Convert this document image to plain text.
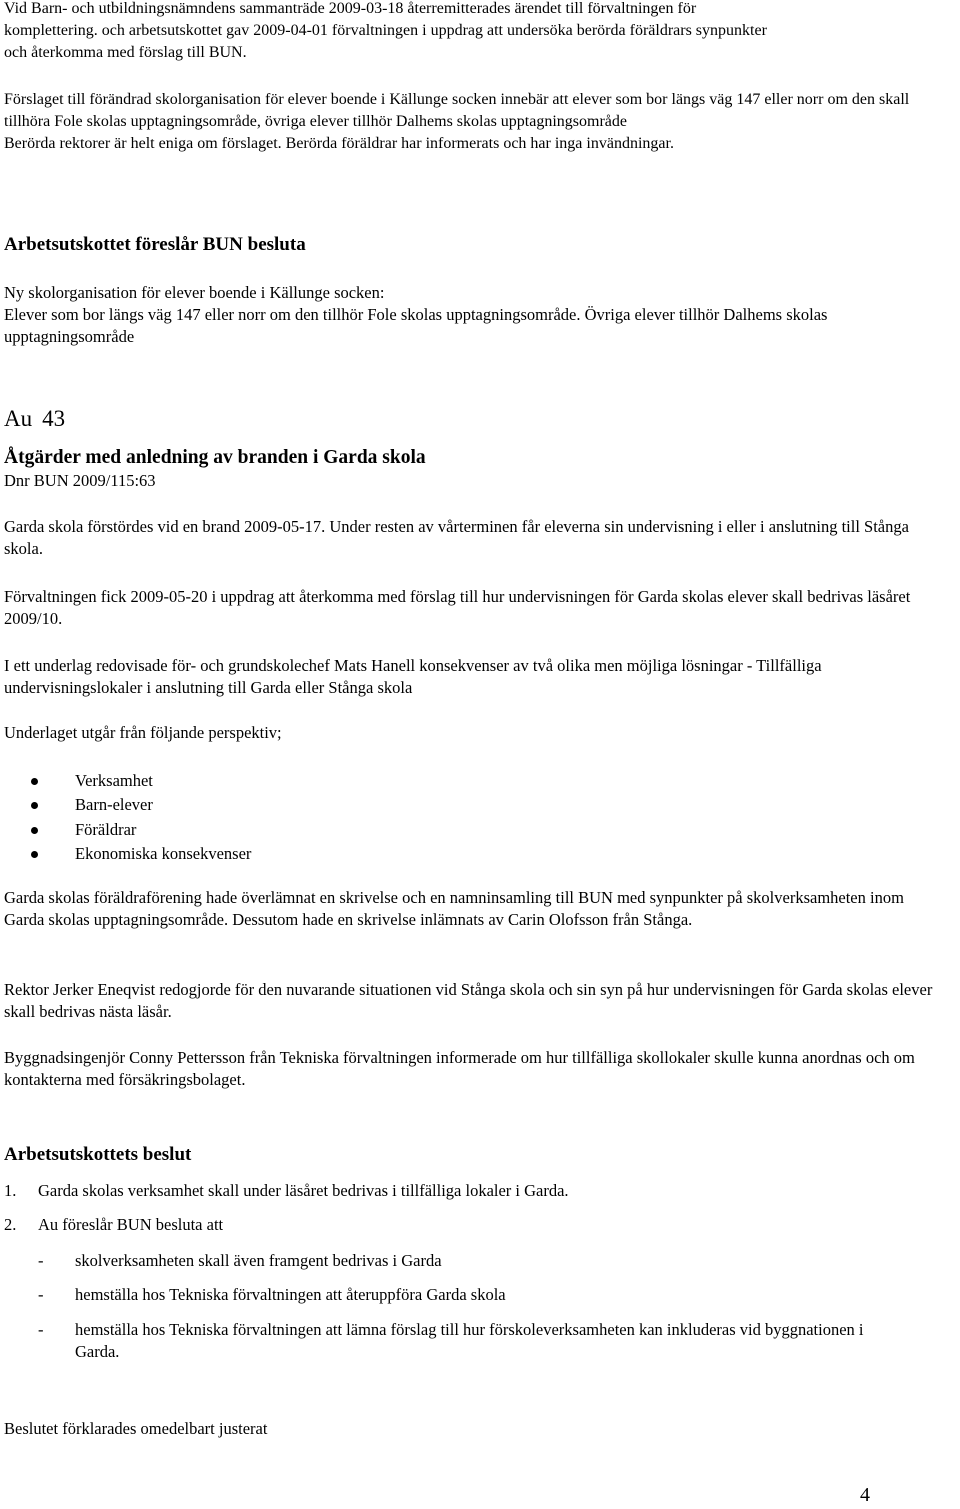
Vid Barn- och utbildningsnämndens sammanträde 2009-03-18 återremitterades ärendet till förvaltningen för

komplettering. och arbetsutskottet gav 2009-04-01 förvaltningen i uppdrag att undersöka berörda föräldrars synpunkter

och återkomma med förslag till BUN.

Förslaget till förändrad skolorganisation för elever boende i Källunge socken innebär att elever som bor längs väg 147 eller norr om den skall tillhöra Fole skolas upptagningsområde, övriga elever tillhör Dalhems skolas upptagningsområde

Berörda rektorer är helt eniga om förslaget. Berörda föräldrar har informerats och har inga invändningar.

Arbetsutskottet föreslår BUN besluta

Ny skolorganisation för elever boende i Källunge socken:

Elever som bor längs väg 147 eller norr om den tillhör Fole skolas upptagningsområde. Övriga elever tillhör Dalhems skolas upptagningsområde

Au 43

Åtgärder med anledning av branden i Garda skola

Dnr BUN 2009/115:63

Garda skola förstördes vid en brand 2009-05-17. Under resten av vårterminen får eleverna sin undervisning i eller i anslutning till Stånga skola.

Förvaltningen fick 2009-05-20 i uppdrag att återkomma med förslag till hur undervisningen för Garda skolas elever skall bedrivas läsåret 2009/10.

I ett underlag redovisade för- och grundskolechef Mats Hanell konsekvenser av två olika men möjliga lösningar - Tillfälliga undervisningslokaler i anslutning till Garda eller Stånga skola

Underlaget utgår från följande perspektiv;

Verksamhet
Barn-elever
Föräldrar
Ekonomiska konsekvenser

Garda skolas föräldraförening hade överlämnat en skrivelse och en namninsamling till BUN med synpunkter på skolverksamheten inom Garda skolas upptagningsområde. Dessutom hade en skrivelse inlämnats av Carin Olofsson från Stånga.

Rektor Jerker Eneqvist redogjorde för den nuvarande situationen vid Stånga skola och sin syn på hur undervisningen för Garda skolas elever skall bedrivas nästa läsår.

Byggnadsingenjör Conny Pettersson från Tekniska förvaltningen informerade om hur tillfälliga skollokaler skulle kunna anordnas och om kontakterna med försäkringsbolaget.

Arbetsutskottets beslut

1. Garda skolas verksamhet skall under läsåret bedrivas i tillfälliga lokaler i Garda.
2. Au föreslår BUN besluta att
- skolverksamheten skall även framgent bedrivas i Garda
- hemställa hos Tekniska förvaltningen att återuppföra Garda skola
- hemställa hos Tekniska förvaltningen att lämna förslag till hur förskoleverksamheten kan inkluderas vid byggnationen i Garda.

Beslutet förklarades omedelbart justerat

4
